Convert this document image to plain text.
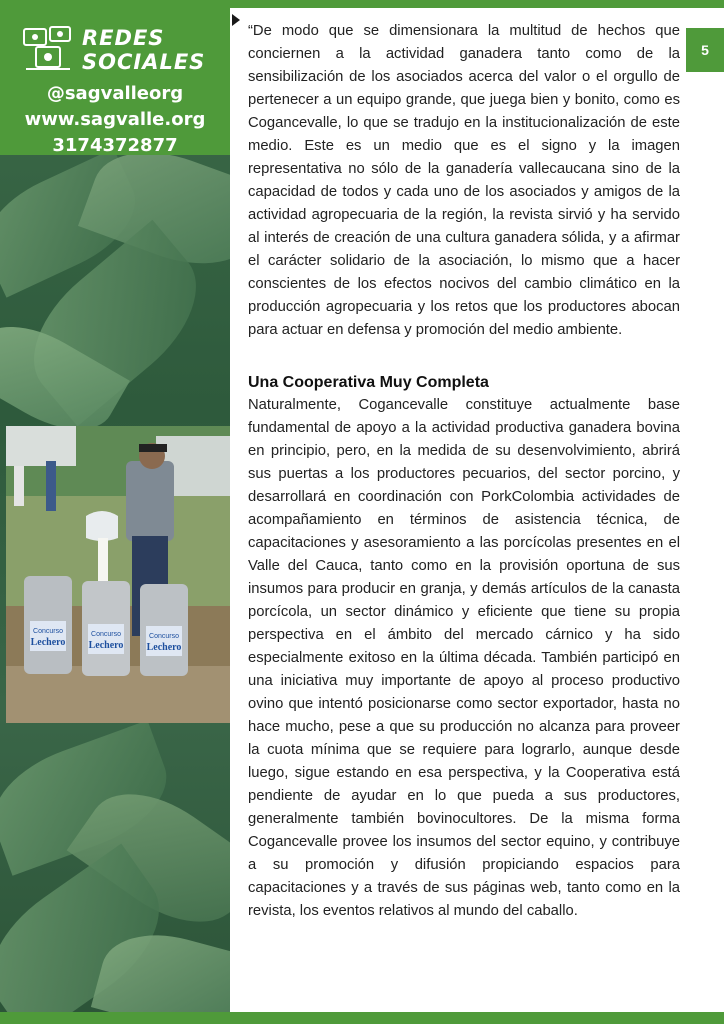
REDES
SOCIALES
@sagvalleorg
www.sagvalle.org
3174372877
Concurso
Lechero
Concurso
Lechero
Concurso
Lechero
5

“De modo que se dimensionara la multitud de hechos que conciernen a la actividad ganadera tanto como de la sensibilización de los asociados acerca del valor o el orgullo de pertenecer a un equipo grande, que juega bien y bonito, como es Cogancevalle, lo que se tradujo en la institucionalización de este medio. Este es un medio que es el signo y la imagen representativa no sólo de la ganadería vallecaucana sino de la capacidad de todos y cada uno de los asociados y amigos de la actividad agropecuaria de la región, la revista sirvió y ha servido al interés de creación de una cultura ganadera sólida, y a afirmar el carácter solidario de la asociación, lo mismo que a hacer conscientes de los efectos nocivos del cambio climático en la producción agropecuaria y los retos que los productores abocan para actuar en defensa y promoción del medio ambiente.

Una Cooperativa Muy Completa

Naturalmente, Cogancevalle constituye actualmente base fundamental de apoyo a la actividad productiva ganadera bovina en principio, pero, en la medida de su desenvolvimiento, abrirá sus puertas a los productores pecuarios, del sector porcino, y desarrollará en coordinación con PorkColombia actividades de acompañamiento en términos de asistencia técnica, de capacitaciones y asesoramiento a las porcícolas presentes en el Valle del Cauca, tanto como en la provisión oportuna de sus insumos para producir en granja, y demás artículos de la canasta porcícola, un sector dinámico y eficiente que tiene su propia perspectiva en el ámbito del mercado cárnico y ha sido especialmente exitoso en la última década. También participó en una iniciativa muy importante de apoyo al proceso productivo ovino que intentó posicionarse como sector exportador, hasta no hace mucho, pese a que su producción no alcanza para proveer la cuota mínima que se requiere para lograrlo, aunque desde luego, sigue estando en esa perspectiva, y la Cooperativa está pendiente de ayudar en lo que pueda a sus productores, generalmente también bovinocultores. De la misma forma Cogancevalle provee los insumos del sector equino, y contribuye a su promoción y difusión propiciando espacios para capacitaciones y a través de sus páginas web, tanto como en la revista, los eventos relativos al mundo del caballo.
